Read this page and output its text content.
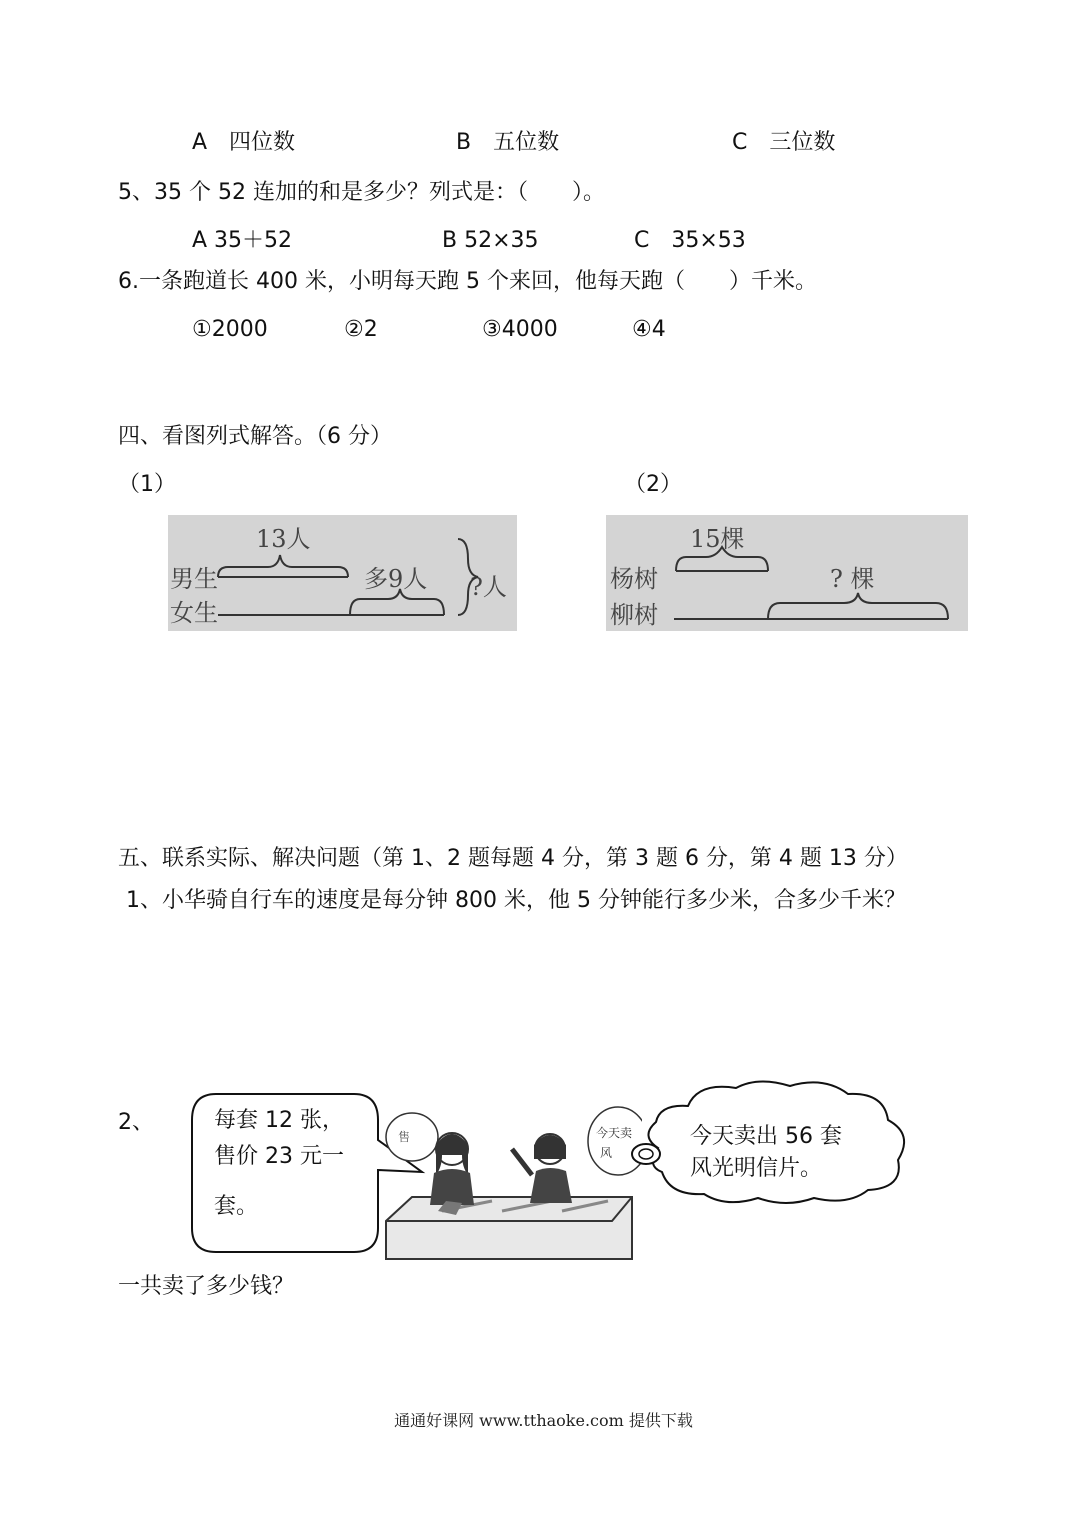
A　四位数	B　五位数	C　三位数
5、35 个 52 连加的和是多少？列式是：（　　）。
A 35＋52	B 52×35	C　35×53
6.一条跑道长 400 米，小明每天跑 5 个来回，他每天跑（　　）千米。
①2000	②2	③4000	④4
四、看图列式解答。（6 分）
（1）	（2）
13人
男生
女生
多9人 ?人
15棵
杨树
柳树
? 棵
五、联系实际、解决问题（第 1、2 题每题 4 分，第 3 题 6 分，第 4 题 13 分）
1、小华骑自行车的速度是每分钟 800 米，他 5 分钟能行多少米，合多少千米？
2、	每套 12 张，
售价 23 元一
套。
售	今天卖
风
今天卖出 56 套
风光明信片。
一共卖了多少钱？
通通好课网 www.tthaoke.com 提供下载
